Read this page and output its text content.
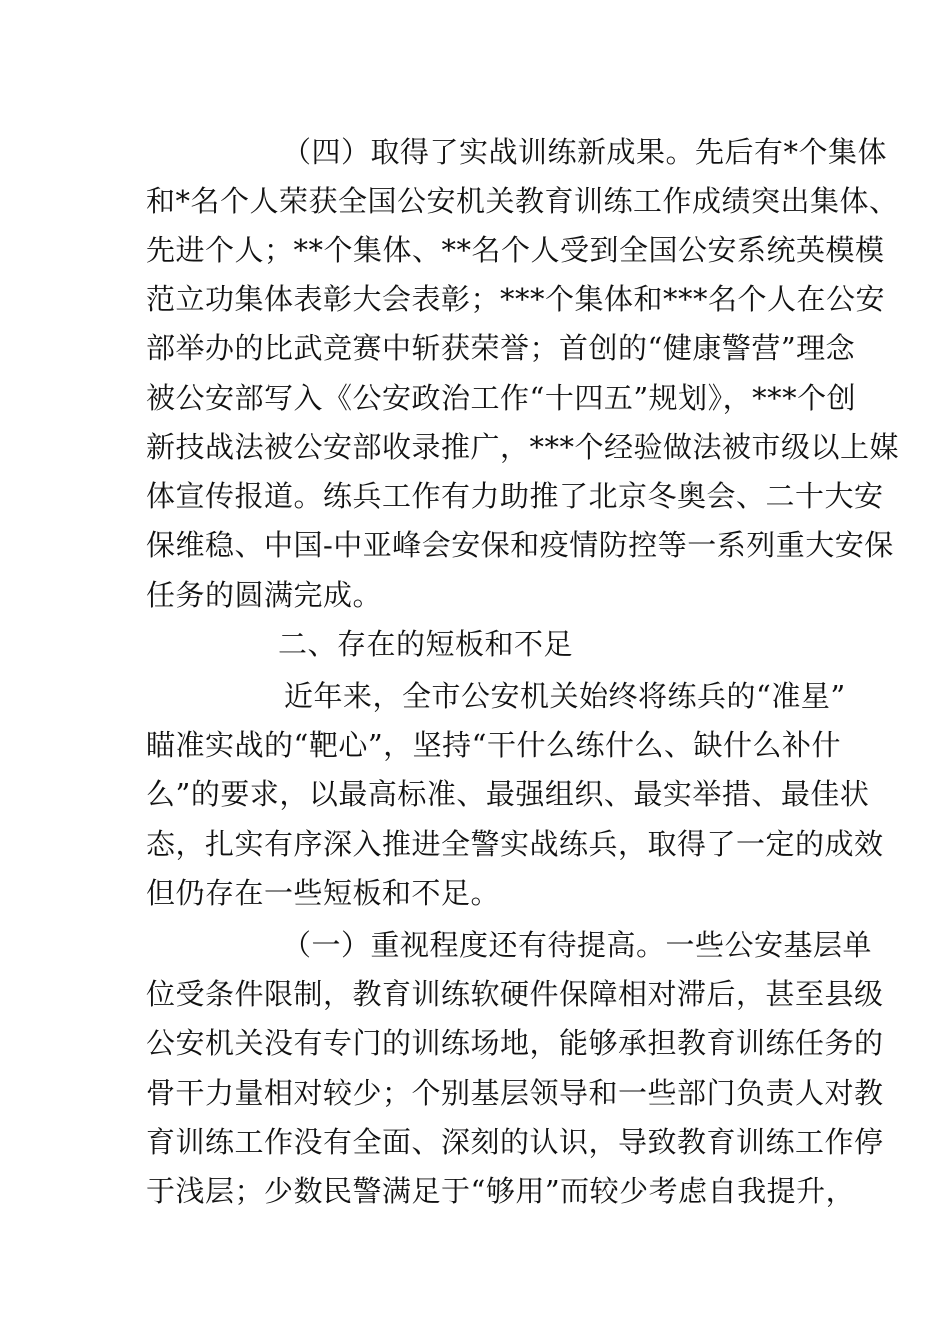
（四）取得了实战训练新成果。先后有*个集体
和*名个人荣获全国公安机关教育训练工作成绩突出集体、
先进个人；**个集体、**名个人受到全国公安系统英模模
范立功集体表彰大会表彰；***个集体和***名个人在公安
部举办的比武竞赛中斩获荣誉；首创的“健康警营”理念
被公安部写入《公安政治工作“十四五”规划》，***个创
新技战法被公安部收录推广，***个经验做法被市级以上媒
体宣传报道。练兵工作有力助推了北京冬奥会、二十大安
保维稳、中国-中亚峰会安保和疫情防控等一系列重大安保
任务的圆满完成。
二、存在的短板和不足
近年来，全市公安机关始终将练兵的“准星”
瞄准实战的“靶心”，坚持“干什么练什么、缺什么补什
么”的要求，以最高标准、最强组织、最实举措、最佳状
态，扎实有序深入推进全警实战练兵，取得了一定的成效
但仍存在一些短板和不足。
（一）重视程度还有待提高。一些公安基层单
位受条件限制，教育训练软硬件保障相对滞后，甚至县级
公安机关没有专门的训练场地，能够承担教育训练任务的
骨干力量相对较少；个别基层领导和一些部门负责人对教
育训练工作没有全面、深刻的认识，导致教育训练工作停
于浅层；少数民警满足于“够用”而较少考虑自我提升，
